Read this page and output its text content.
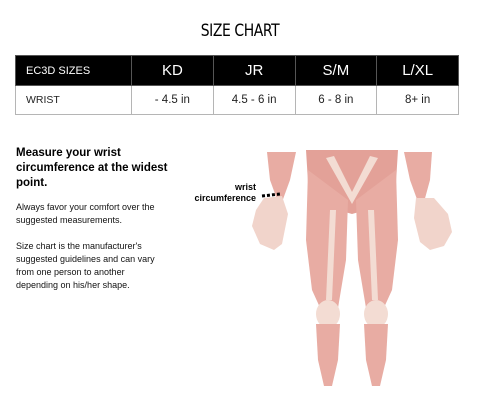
SIZE CHART
EC3D SIZES	KD	JR	S/M	L/XL
WRIST	- 4.5 in	4.5 - 6 in	6 - 8 in	8+ in
Measure your wrist circumference at the widest point.
Always favor your comfort over the suggested measurements.
Size chart is the manufacturer's suggested guidelines and can vary from one person to another depending on his/her shape.
wrist
circumference
